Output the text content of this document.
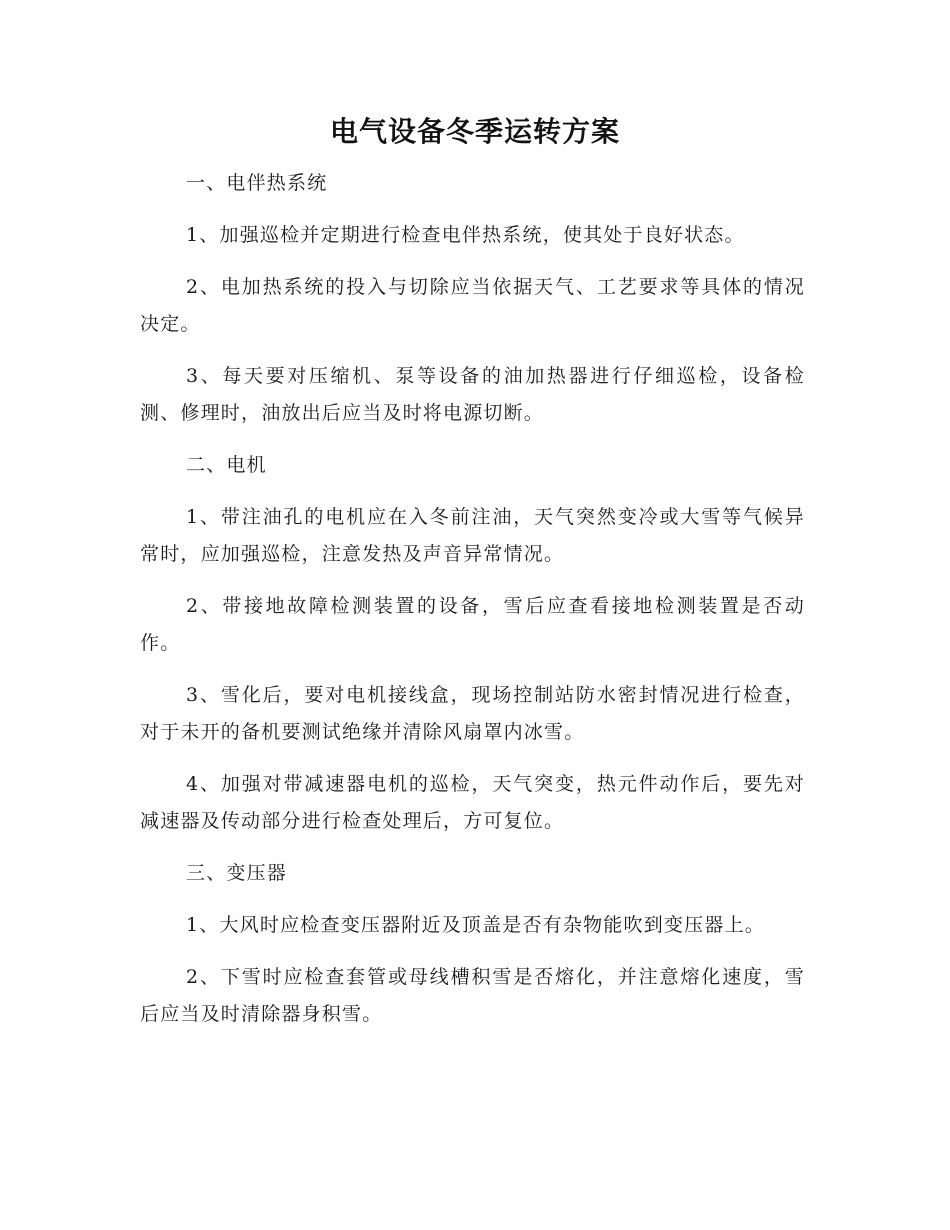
电气设备冬季运转方案

一、电伴热系统

1、加强巡检并定期进行检查电伴热系统，使其处于良好状态。

2、电加热系统的投入与切除应当依据天气、工艺要求等具体的情况决定。

3、每天要对压缩机、泵等设备的油加热器进行仔细巡检，设备检测、修理时，油放出后应当及时将电源切断。

二、电机

1、带注油孔的电机应在入冬前注油，天气突然变冷或大雪等气候异常时，应加强巡检，注意发热及声音异常情况。

2、带接地故障检测装置的设备，雪后应查看接地检测装置是否动作。

3、雪化后，要对电机接线盒，现场控制站防水密封情况进行检查，对于未开的备机要测试绝缘并清除风扇罩内冰雪。

4、加强对带减速器电机的巡检，天气突变，热元件动作后，要先对减速器及传动部分进行检查处理后，方可复位。

三、变压器

1、大风时应检查变压器附近及顶盖是否有杂物能吹到变压器上。

2、下雪时应检查套管或母线槽积雪是否熔化，并注意熔化速度，雪后应当及时清除器身积雪。
